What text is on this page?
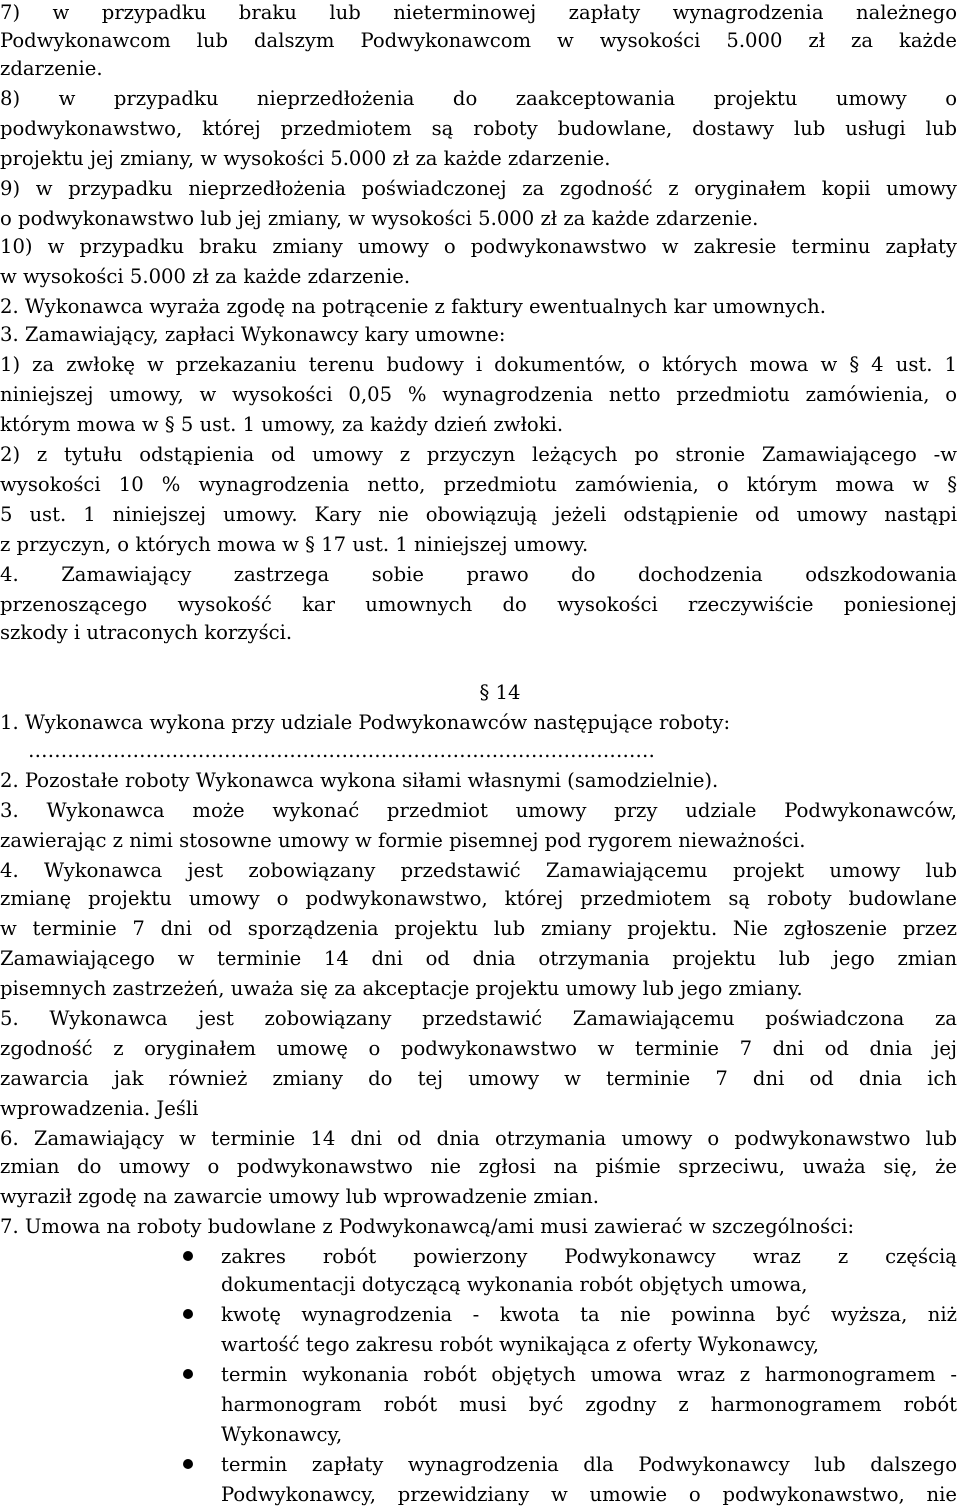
7) w przypadku braku lub nieterminowej zapłaty wynagrodzenia należnego
Podwykonawcom lub dalszym Podwykonawcom w wysokości 5.000 zł za każde
zdarzenie.
8) w przypadku nieprzedłożenia do zaakceptowania projektu umowy o
podwykonawstwo, której przedmiotem są roboty budowlane, dostawy lub usługi lub
projektu jej zmiany, w wysokości 5.000 zł za każde zdarzenie.
9) w przypadku nieprzedłożenia poświadczonej za zgodność z oryginałem kopii umowy
o podwykonawstwo lub jej zmiany, w wysokości 5.000 zł za każde zdarzenie.
10) w przypadku braku zmiany umowy o podwykonawstwo w zakresie terminu zapłaty
w wysokości 5.000 zł za każde zdarzenie.
2. Wykonawca wyraża zgodę na potrącenie z faktury ewentualnych kar umownych.
3. Zamawiający, zapłaci Wykonawcy kary umowne:
1) za zwłokę w przekazaniu terenu budowy i dokumentów, o których mowa w § 4 ust. 1
niniejszej umowy, w wysokości 0,05 % wynagrodzenia netto przedmiotu zamówienia, o
którym mowa w § 5 ust. 1 umowy, za każdy dzień zwłoki.
2) z tytułu odstąpienia od umowy z przyczyn leżących po stronie Zamawiającego -w
wysokości 10 % wynagrodzenia netto, przedmiotu zamówienia, o którym mowa w §
5 ust. 1 niniejszej umowy. Kary nie obowiązują jeżeli odstąpienie od umowy nastąpi
z przyczyn, o których mowa w § 17 ust. 1 niniejszej umowy.
4. Zamawiający zastrzega sobie prawo do dochodzenia odszkodowania
przenoszącego wysokość kar umownych do wysokości rzeczywiście poniesionej
szkody i utraconych korzyści.
§ 14
1. Wykonawca wykona przy udziale Podwykonawców następujące roboty:
……………………………………………………………………………………
2. Pozostałe roboty Wykonawca wykona siłami własnymi (samodzielnie).
3. Wykonawca może wykonać przedmiot umowy przy udziale Podwykonawców,
zawierając z nimi stosowne umowy w formie pisemnej pod rygorem nieważności.
4. Wykonawca jest zobowiązany przedstawić Zamawiającemu projekt umowy lub
zmianę projektu umowy o podwykonawstwo, której przedmiotem są roboty budowlane
w terminie 7 dni od sporządzenia projektu lub zmiany projektu. Nie zgłoszenie przez
Zamawiającego w terminie 14 dni od dnia otrzymania projektu lub jego zmian
pisemnych zastrzeżeń, uważa się za akceptacje projektu umowy lub jego zmiany.
5. Wykonawca jest zobowiązany przedstawić Zamawiającemu poświadczona za
zgodność z oryginałem umowę o podwykonawstwo w terminie 7 dni od dnia jej
zawarcia jak również zmiany do tej umowy w terminie 7 dni od dnia ich
wprowadzenia. Jeśli
6. Zamawiający w terminie 14 dni od dnia otrzymania umowy o podwykonawstwo lub
zmian do umowy o podwykonawstwo nie zgłosi na piśmie sprzeciwu, uważa się, że
wyraził zgodę na zawarcie umowy lub wprowadzenie zmian.
7. Umowa na roboty budowlane z Podwykonawcą/ami musi zawierać w szczególności:
zakres robót powierzony Podwykonawcy wraz z częścią
dokumentacji dotyczącą wykonania robót objętych umowa,
kwotę wynagrodzenia - kwota ta nie powinna być wyższa, niż
wartość tego zakresu robót wynikająca z oferty Wykonawcy,
termin wykonania robót objętych umowa wraz z harmonogramem -
harmonogram robót musi być zgodny z harmonogramem robót
Wykonawcy,
termin zapłaty wynagrodzenia dla Podwykonawcy lub dalszego
Podwykonawcy, przewidziany w umowie o podwykonawstwo, nie
